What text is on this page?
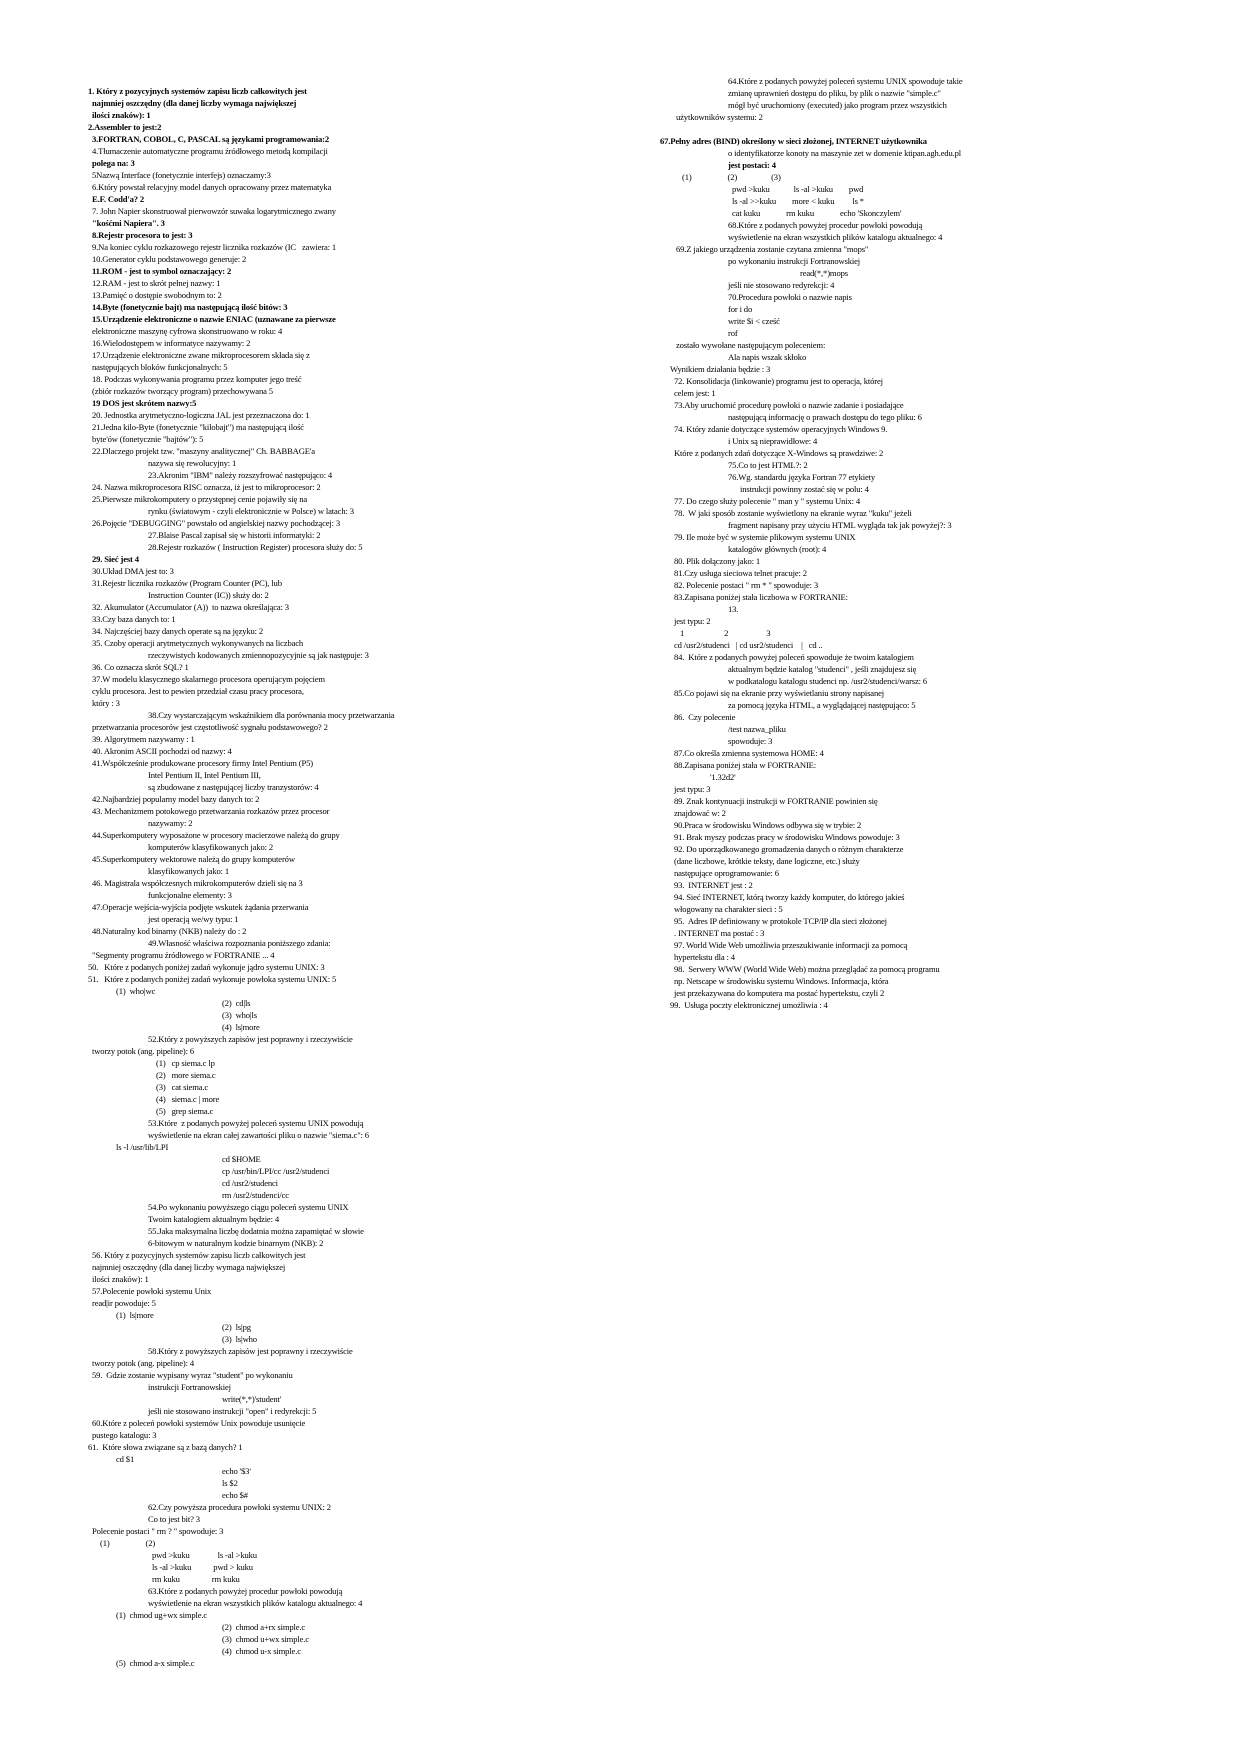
1. Który z pozycyjnych systemów zapisu liczb całkowitych jest
najmniej oszczędny (dla danej liczby wymaga największej
ilości znaków): 1
2.Assembler to jest:2
3.FORTRAN, COBOL, C, PASCAL są językami programowania:2
4.Tłumaczenie automatyczne programu źródłowego metodą kompilacji
polega na: 3
5Nazwą Interface (fonetycznie interfejs) oznaczamy:3
6.Który powstał relacyjny model danych opracowany przez matematyka
E.F. Codd'a? 2
7. John Napier skonstruował pierwowzór suwaka logarytmicznego zwany
"kośćmi Napiera". 3
8.Rejestr procesora to jest: 3
9.Na koniec cyklu rozkazowego rejestr licznika rozkazów (IC   zawiera: 1
10.Generator cyklu podstawowego generuje: 2
11.ROM - jest to symbol oznaczający: 2
12.RAM - jest to skrót pełnej nazwy: 1
13.Pamięć o dostępie swobodnym to: 2
14.Byte (fonetycznie bajt) ma następującą ilość bitów: 3
15.Urządzenie elektroniczne o nazwie ENIAC (uznawane za pierwsze
elektroniczne maszynę cyfrowa skonstruowano w roku: 4
16.Wielodostępem w informatyce nazywamy: 2
17.Urządzenie elektroniczne zwane mikroprocesorem składa się z
następujących bloków funkcjonalnych: 5
18. Podczas wykonywania programu przez komputer jego treść
(zbiór rozkazów tworzący program) przechowywana 5
19 DOS jest skrótem nazwy:5
20. Jednostka arytmetyczno-logiczna JAL jest przeznaczona do: 1
21.Jedna kilo-Byte (fonetycznie "kilobajt") ma następującą ilość
byte'ów (fonetycznie "bajtów"): 5
22.Dlaczego projekt tzw. "maszyny analitycznej" Ch. BABBAGE'a
nazywa się rewolucyjny: 1
23.Akronim "IBM" należy rozszyfrować następująco: 4
24. Nazwa mikroprocesora RISC oznacza, iż jest to mikroprocesor: 2
25.Pierwsze mikrokomputery o przystępnej cenie pojawiły się na
rynku (światowym - czyli elektronicznie w Polsce) w latach: 3
26.Pojęcie "DEBUGGING" powstało od angielskiej nazwy pochodzącej: 3
27.Blaise Pascal zapisał się w historii informatyki: 2
28.Rejestr rozkazów ( Instruction Register) procesora służy do: 5
29. Sieć jest 4
30.Układ DMA jest to: 3
31.Rejestr licznika rozkazów (Program Counter (PC), lub
Instruction Counter (IC)) służy do: 2
32. Akumulator (Accumulator (A))  to nazwa określająca: 3
33.Czy baza danych to: 1
34. Najczęściej bazy danych operate są na języku: 2
35. Czoby operacji arytmetycznych wykonywanych na liczbach
rzeczywistych kodowanych zmiennopozycyjnie są jak następuje: 3
36. Co oznacza skrót SQL? 1
37.W modelu klasycznego skalarnego procesora operującym pojęciem
cyklu procesora. Jest to pewien przedział czasu pracy procesora,
który : 3
38.Czy wystarczającym wskaźnikiem dla porównania mocy przetwarzania
przetwarzania procesorów jest częstotliwość sygnału podstawowego? 2
39. Algorytmem nazywamy : 1
40. Akronim ASCII pochodzi od nazwy: 4
41.Współcześnie produkowane procesory firmy Intel Pentium (P5)
Intel Pentium II, Intel Pentium III,
są zbudowane z następującej liczby tranzystorów: 4
42.Najbardziej popularny model bazy danych to: 2
43. Mechanizmem potokowego przetwarzania rozkazów przez procesor
nazywamy: 2
44.Superkomputery wyposażone w procesory macierzowe należą do grupy
komputerów klasyfikowanych jako: 2
45.Superkomputery wektorowe należą do grupy komputerów
klasyfikowanych jako: 1
46. Magistrala współczesnych mikrokomputerów dzieli się na 3
funkcjonalne elementy: 3
47.Operacje wejścia-wyjścia podjęte wskutek żądania przerwania
jest operacją we/wy typu: 1
48.Naturalny kod binarny (NKB) należy do : 2
49.Własność właściwa rozpoznania poniższego zdania:
"Segmenty programu źródłowego w FORTRANIE ... 4
50.   Które z podanych poniżej zadań wykonuje jądro systemu UNIX: 3
51.   Które z podanych poniżej zadań wykonuje powłoka systemu UNIX: 5
(1)  who|wc
(2)  cd|ls
(3)  who|ls
(4)  ls|more
52.Który z powyższych zapisów jest poprawny i rzeczywiście
tworzy potok (ang. pipeline): 6
(1)   cp siema.c lp
(2)   more siema.c
(3)   cat siema.c
(4)   siema.c | more
(5)   grep siema.c
53.Które  z podanych powyżej poleceń systemu UNIX powodują
wyświetlenie na ekran całej zawartości pliku o nazwie "siema.c": 6
ls -l /usr/lib/LPI
cd $HOME
cp /usr/bin/LPI/cc /usr2/studenci
cd /usr2/studenci
rm /usr2/studenci/cc
54.Po wykonaniu powyższego ciągu poleceń systemu UNIX
Twoim katalogiem aktualnym będzie: 4
55.Jaka maksymalna liczbę dodatnia można zapamiętać w słowie
6-bitowym w naturalnym kodzie binarnym (NKB): 2
56. Który z pozycyjnych systemów zapisu liczb całkowitych jest
najmniej oszczędny (dla danej liczby wymaga największej
ilości znaków): 1
57.Polecenie powłoki systemu Unix
read|ir powoduje: 5
(1)  ls|more
(2)  ls|pg
(3)  ls|who
58.Który z powyższych zapisów jest poprawny i rzeczywiście
tworzy potok (ang. pipeline): 4
59.  Gdzie zostanie wypisany wyraz "student" po wykonaniu
instrukcji Fortranowskiej
write(*,*)'student'
jeśli nie stosowano instrukcji "open" i redyrekcji: 5
60.Które z poleceń powłoki systemów Unix powoduje usunięcie
pustego katalogu: 3
61.  Które słowa związane są z bazą danych? 1
cd $1
echo '$3'
ls $2
echo $#
62.Czy powyższa procedura powłoki systemu UNIX: 2
Co to jest bit? 3
Polecenie postaci " rm ? " spowoduje: 3
(1)                  (2)
pwd >kuku              ls -al >kuku
ls -al >kuku           pwd > kuku
rm kuku                rm kuku
63.Które z podanych powyżej procedur powłoki powodują
wyświetlenie na ekran wszystkich plików katalogu aktualnego: 4
(1)  chmod ug+wx simple.c
(2)  chmod a+rx simple.c
(3)  chmod u+wx simple.c
(4)  chmod u-x simple.c
(5)  chmod a-x simple.c
64.Które z podanych powyżej poleceń systemu UNIX spowoduje takie
zmianę uprawnień dostępu do pliku, by plik o nazwie "simple.c"
mógł być uruchomiony (executed) jako program przez wszystkich
użytkowników systemu: 2
67.Pełny adres (BIND) określony w sieci złożonej, INTERNET użytkownika
o identyfikatorze konoty na maszynie zet w domenie ktipan.agh.edu.pl
jest postaci: 4
(1)                  (2)                 (3)
pwd >kuku            ls -al >kuku        pwd
ls -al >>kuku        more < kuku         ls *
cat kuku             rm kuku             echo 'Skonczylem'
68.Które z podanych powyżej procedur powłoki powodują
wyświetlenie na ekran wszystkich plików katalogu aktualnego: 4
69.Z jakiego urządzenia zostanie czytana zmienna "mops"
po wykonaniu instrukcji Fortranowskiej
read(*,*)mops
jeśli nie stosowano redyrekcji: 4
70.Procedura powłoki o nazwie napis
for i do
write $i < cześć
rof
zostało wywołane następującym poleceniem:
Ala napis wszak skłoko
Wynikiem działania będzie : 3
72. Konsolidacja (linkowanie) programu jest to operacja, której
celem jest: 1
73.Aby uruchomić procedurę powłoki o nazwie zadanie i posiadające
następującą informację o prawach dostępu do tego pliku: 6
74. Który zdanie dotyczące systemów operacyjnych Windows 9.
i Unix są nieprawidłowe: 4
Które z podanych zdań dotyczące X-Windows są prawdziwe: 2
75.Co to jest HTML?: 2
76.Wg. standardu języka Fortran 77 etykiety
instrukcji powinny zostać się w polu: 4
77. Do czego służy polecenie " man y " systemu Unix: 4
78.  W jaki sposób zostanie wyświetlony na ekranie wyraz "kuku" jeżeli
fragment napisany przy użyciu HTML wygląda tak jak powyżej?: 3
79. Ile może być w systemie plikowym systemu UNIX
katalogów głównych (root): 4
80. Plik dołączony jako: 1
81.Czy usługa sieciowa telnet pracuje: 2
82. Polecenie postaci " rm * " spowoduje: 3
83.Zapisana poniżej stała liczbowa w FORTRANIE:
13.
jest typu: 2
1                    2                   3
cd /usr2/studenci   | cd usr2/studenci    |   cd ..
84.  Które z podanych powyżej poleceń spowoduje że twoim katalogiem
aktualnym będzie katalog "studenci" , jeśli znajdujesz się
w podkatalogu katalogu studenci np. /usr2/studenci/warsz: 6
85.Co pojawi się na ekranie przy wyświetlaniu strony napisanej
za pomocą języka HTML, a wyglądającej następująco: 5
86.  Czy polecenie
/test nazwa_pliku
spowoduje: 3
87.Co określa zmienna systemowa HOME: 4
88.Zapisana poniżej stała w FORTRANIE:
'1.32d2'
jest typu: 3
89. Znak kontynuacji instrukcji w FORTRANIE powinien się
znajdować w: 2
90.Praca w środowisku Windows odbywa się w trybie: 2
91. Brak myszy podczas pracy w środowisku Windows powoduje: 3
92. Do uporządkowanego gromadzenia danych o różnym charakterze
(dane liczbowe, krótkie teksty, dane logiczne, etc.) służy
następujące oprogramowanie: 6
93.  INTERNET jest : 2
94. Sieć INTERNET, którą tworzy każdy komputer, do którego jakieś
włogowany na charakter sieci : 5
95.  Adres IP definiowany w protokole TCP/IP dla sieci złożonej
. INTERNET ma postać : 3
97. World Wide Web umożliwia przeszukiwanie informacji za pomocą
hypertekstu dla : 4
98.  Serwery WWW (World Wide Web) można przeglądać za pomocą programu
np. Netscape w środowisku systemu Windows. Informacja, która
jest przekazywana do komputera ma postać hypertekstu, czyli 2
99.  Usługa poczty elektronicznej umożliwia : 4
